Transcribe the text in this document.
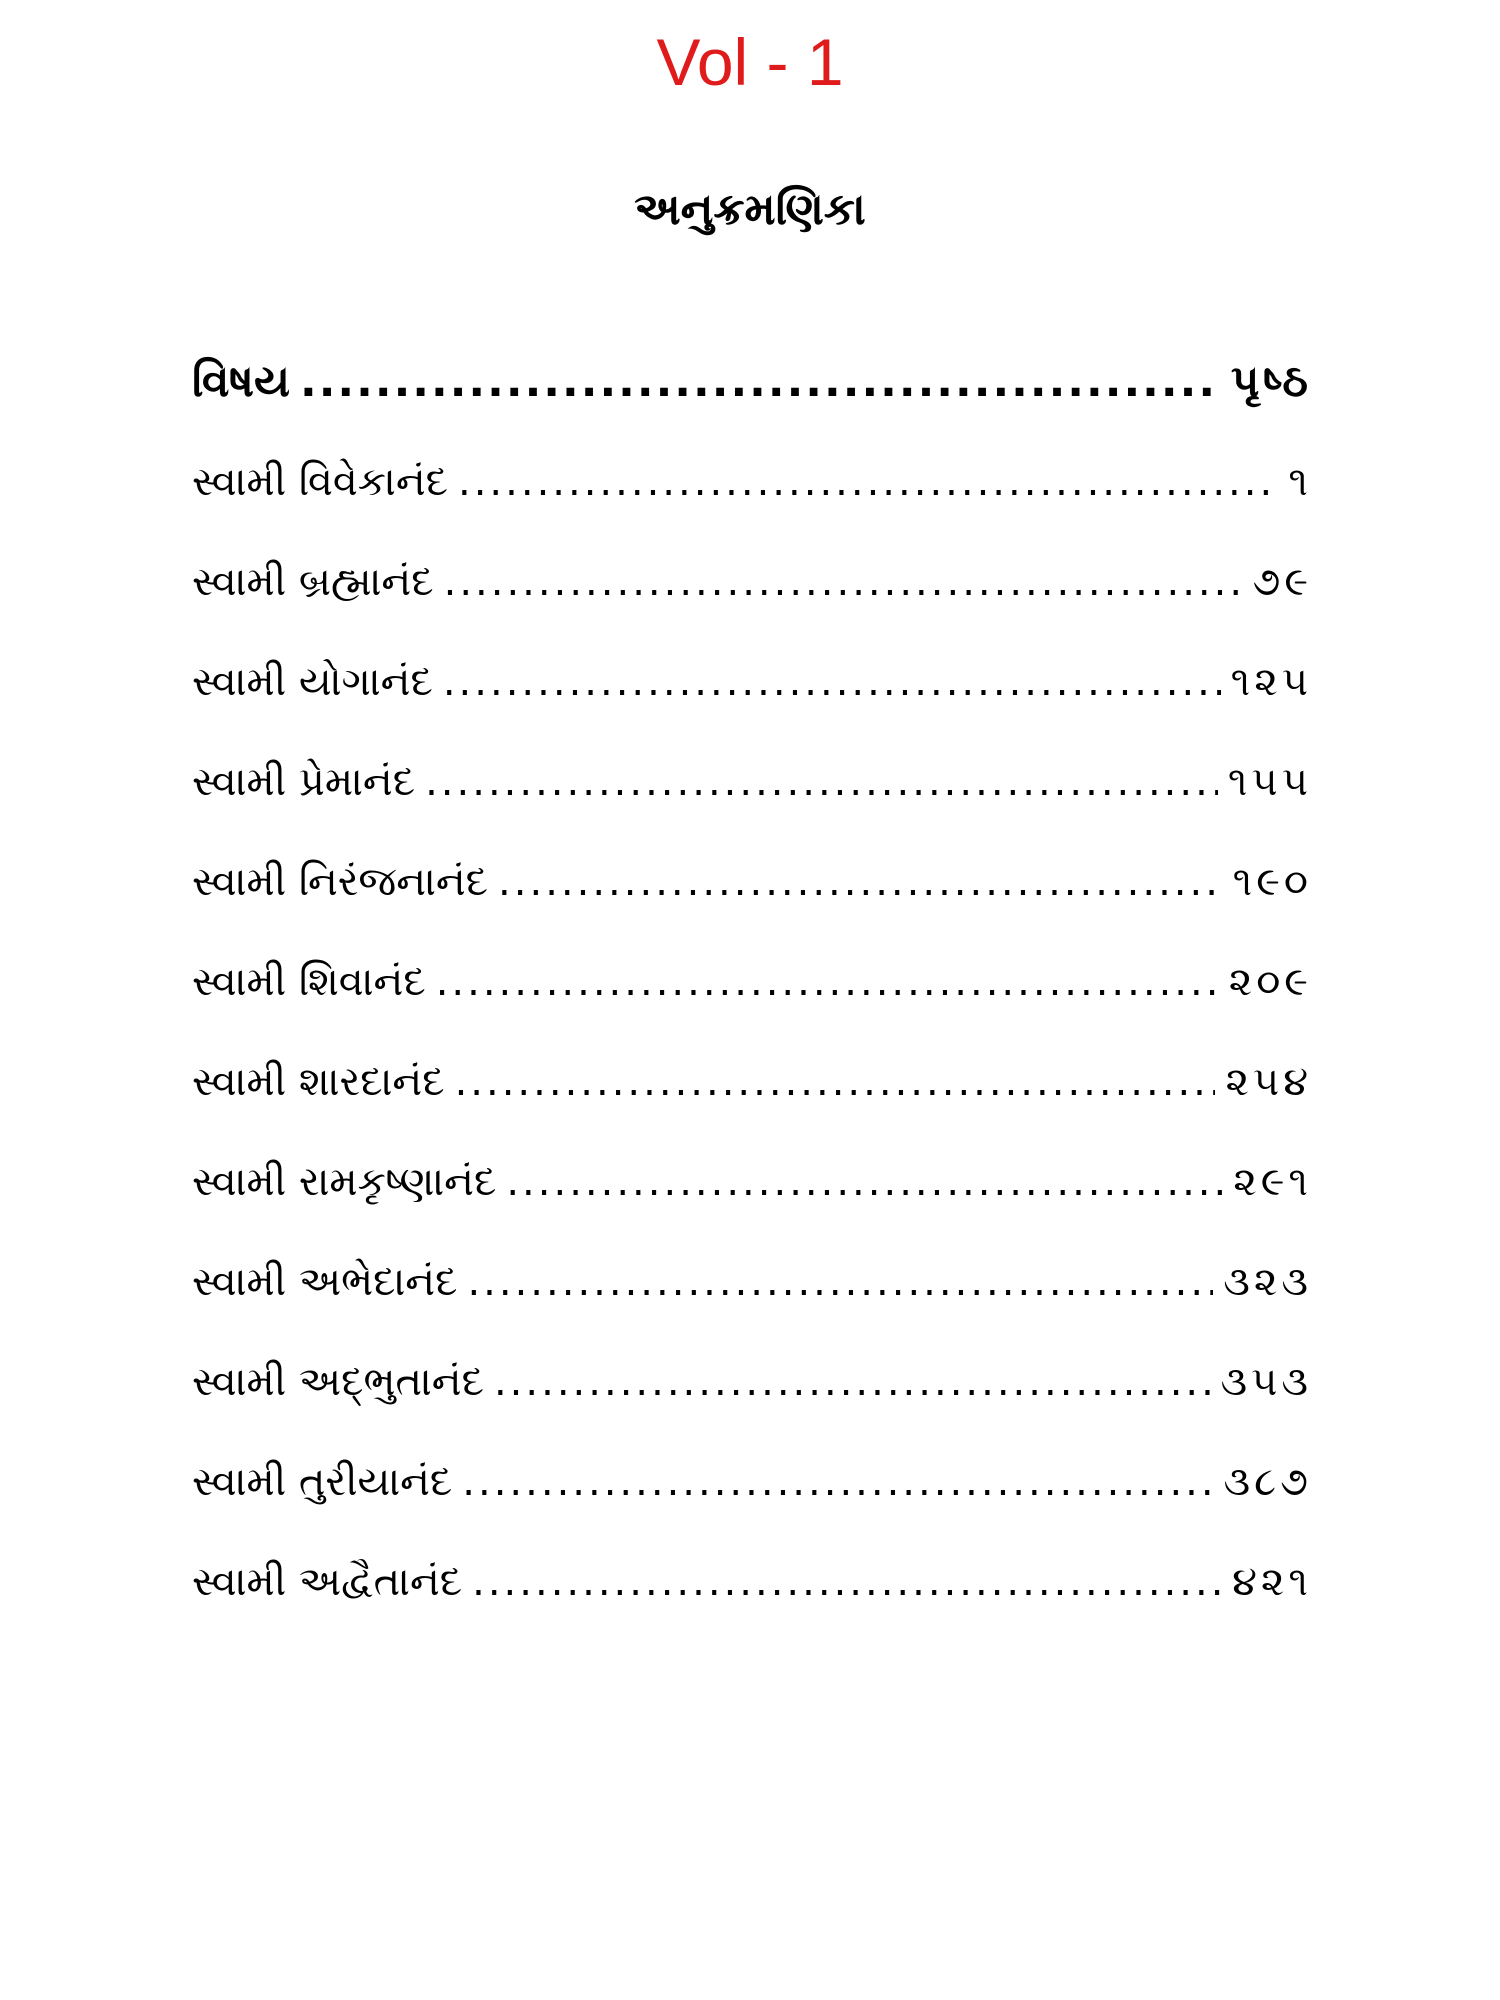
Vol - 1
અનુક્રમણિકા
વિષય .....	પૃષ્ઠ
સ્વામી વિવેકાનંદ .....	૧
સ્વામી બ્રહ્માનંદ .....	૭૯
સ્વામી યોગાનંદ .....	૧૨૫
સ્વામી પ્રેમાનંદ .....	૧૫૫
સ્વામી નિરંજનાનંદ .....	૧૯૦
સ્વામી શિવાનંદ .....	૨૦૯
સ્વામી શારદાનંદ .....	૨૫૪
સ્વામી રામકૃષ્ણાનંદ .....	૨૯૧
સ્વામી અભેદાનંદ .....	૩૨૩
સ્વામી અદ્ભુતાનંદ .....	૩૫૩
સ્વામી તુરીયાનંદ .....	૩૮૭
સ્વામી અદ્વૈતાનંદ .....	૪૨૧
